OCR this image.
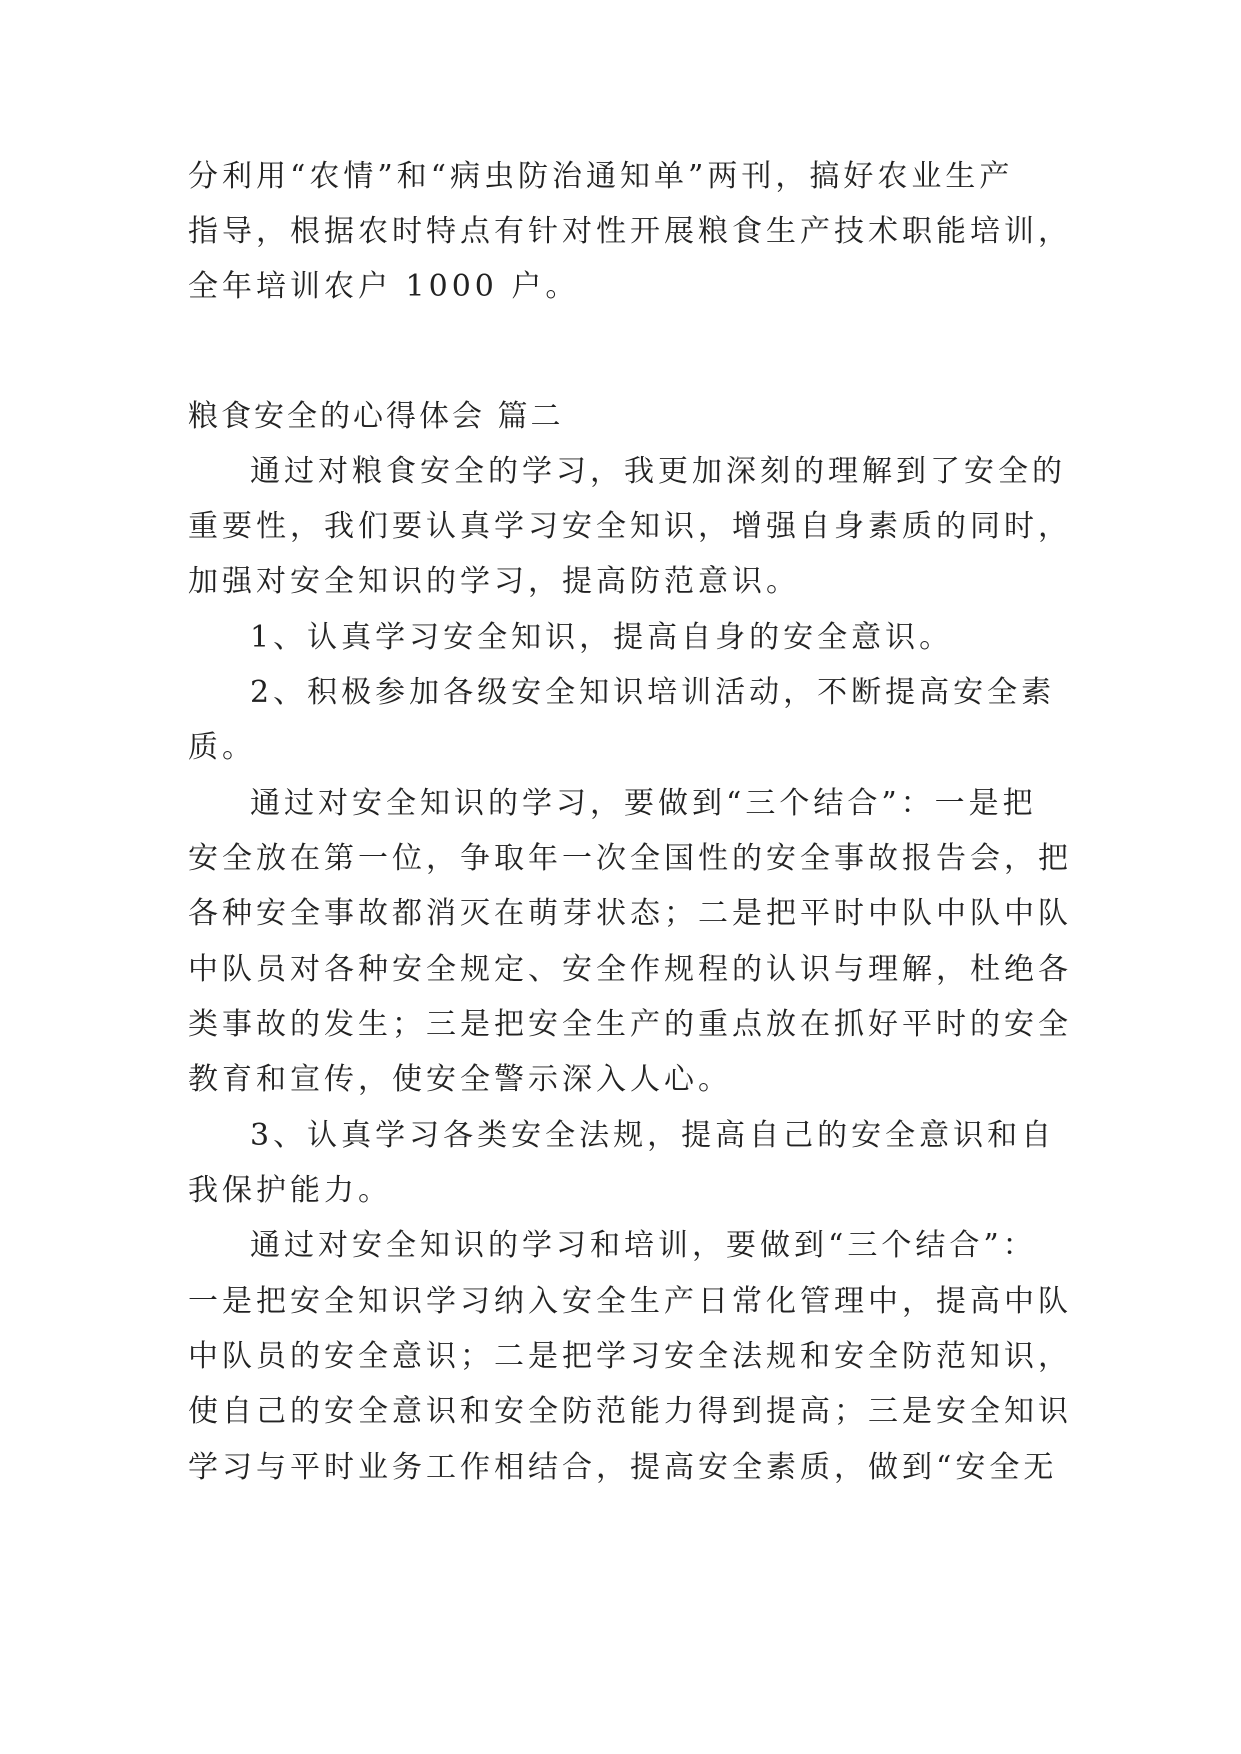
分利用“农情”和“病虫防治通知单”两刊，搞好农业生产
指导，根据农时特点有针对性开展粮食生产技术职能培训，
全年培训农户 1000 户。
粮食安全的心得体会 篇二
通过对粮食安全的学习，我更加深刻的理解到了安全的
重要性，我们要认真学习安全知识，增强自身素质的同时，
加强对安全知识的学习，提高防范意识。
1、认真学习安全知识，提高自身的安全意识。
2、积极参加各级安全知识培训活动，不断提高安全素
质。
通过对安全知识的学习，要做到“三个结合”：一是把
安全放在第一位，争取年一次全国性的安全事故报告会，把
各种安全事故都消灭在萌芽状态；二是把平时中队中队中队
中队员对各种安全规定、安全作规程的认识与理解，杜绝各
类事故的发生；三是把安全生产的重点放在抓好平时的安全
教育和宣传，使安全警示深入人心。
3、认真学习各类安全法规，提高自己的安全意识和自
我保护能力。
通过对安全知识的学习和培训，要做到“三个结合”：
一是把安全知识学习纳入安全生产日常化管理中，提高中队
中队员的安全意识；二是把学习安全法规和安全防范知识，
使自己的安全意识和安全防范能力得到提高；三是安全知识
学习与平时业务工作相结合，提高安全素质，做到“安全无
